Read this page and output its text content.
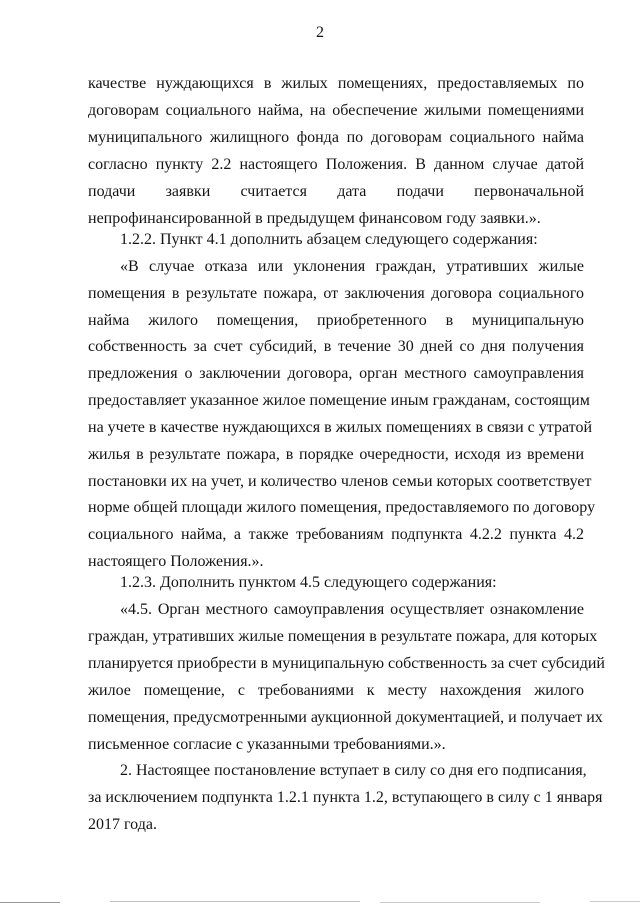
2
качестве нуждающихся в жилых помещениях, предоставляемых по
договорам социального найма, на обеспечение жилыми помещениями
муниципального жилищного фонда по договорам социального найма
согласно пункту 2.2 настоящего Положения. В данном случае датой
подачи заявки считается дата подачи первоначальной
непрофинансированной в предыдущем финансовом году заявки.».
1.2.2. Пункт 4.1 дополнить абзацем следующего содержания:
«В случае отказа или уклонения граждан, утративших жилые
помещения в результате пожара, от заключения договора социального
найма жилого помещения, приобретенного в муниципальную
собственность за счет субсидий, в течение 30 дней со дня получения
предложения о заключении договора, орган местного самоуправления
предоставляет указанное жилое помещение иным гражданам, состоящим
на учете в качестве нуждающихся в жилых помещениях в связи с утратой
жилья в результате пожара, в порядке очередности, исходя из времени
постановки их на учет, и количество членов семьи которых соответствует
норме общей площади жилого помещения, предоставляемого по договору
социального найма, а также требованиям подпункта 4.2.2 пункта 4.2
настоящего Положения.».
1.2.3. Дополнить пунктом 4.5 следующего содержания:
«4.5. Орган местного самоуправления осуществляет ознакомление
граждан, утративших жилые помещения в результате пожара, для которых
планируется приобрести в муниципальную собственность за счет субсидий
жилое помещение, с требованиями к месту нахождения жилого
помещения, предусмотренными аукционной документацией, и получает их
письменное согласие с указанными требованиями.».
2. Настоящее постановление вступает в силу со дня его подписания,
за исключением подпункта 1.2.1 пункта 1.2, вступающего в силу с 1 января
2017 года.
